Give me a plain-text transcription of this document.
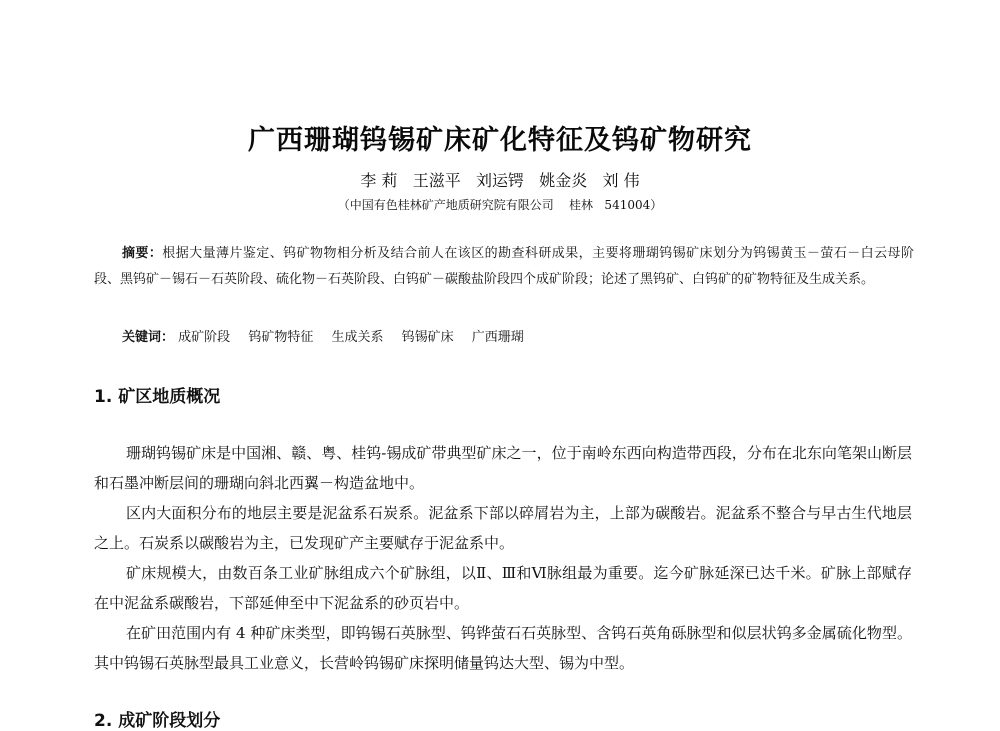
广西珊瑚钨锡矿床矿化特征及钨矿物研究
李 莉   王滋平   刘运锷   姚金炎   刘 伟
（中国有色桂林矿产地质研究院有限公司    桂林   541004）
摘要：根据大量薄片鉴定、钨矿物物相分析及结合前人在该区的勘查科研成果，主要将珊瑚钨锡矿床划分为钨锡黄玉－萤石－白云母阶段、黑钨矿－锡石－石英阶段、硫化物－石英阶段、白钨矿－碳酸盐阶段四个成矿阶段；论述了黑钨矿、白钨矿的矿物特征及生成关系。
关键词： 成矿阶段 钨矿物特征 生成关系 钨锡矿床 广西珊瑚
1. 矿区地质概况

珊瑚钨锡矿床是中国湘、赣、粤、桂钨-锡成矿带典型矿床之一，位于南岭东西向构造带西段，分布在北东向笔架山断层和石墨冲断层间的珊瑚向斜北西翼－构造盆地中。

区内大面积分布的地层主要是泥盆系石炭系。泥盆系下部以碎屑岩为主，上部为碳酸岩。泥盆系不整合与早古生代地层之上。石炭系以碳酸岩为主，已发现矿产主要赋存于泥盆系中。

矿床规模大，由数百条工业矿脉组成六个矿脉组，以Ⅱ、Ⅲ和Ⅵ脉组最为重要。迄今矿脉延深已达千米。矿脉上部赋存在中泥盆系碳酸岩，下部延伸至中下泥盆系的砂页岩中。

在矿田范围内有 4 种矿床类型，即钨锡石英脉型、钨铧萤石石英脉型、含钨石英角砾脉型和似层状钨多金属硫化物型。其中钨锡石英脉型最具工业意义，长营岭钨锡矿床探明储量钨达大型、锡为中型。

2. 成矿阶段划分
